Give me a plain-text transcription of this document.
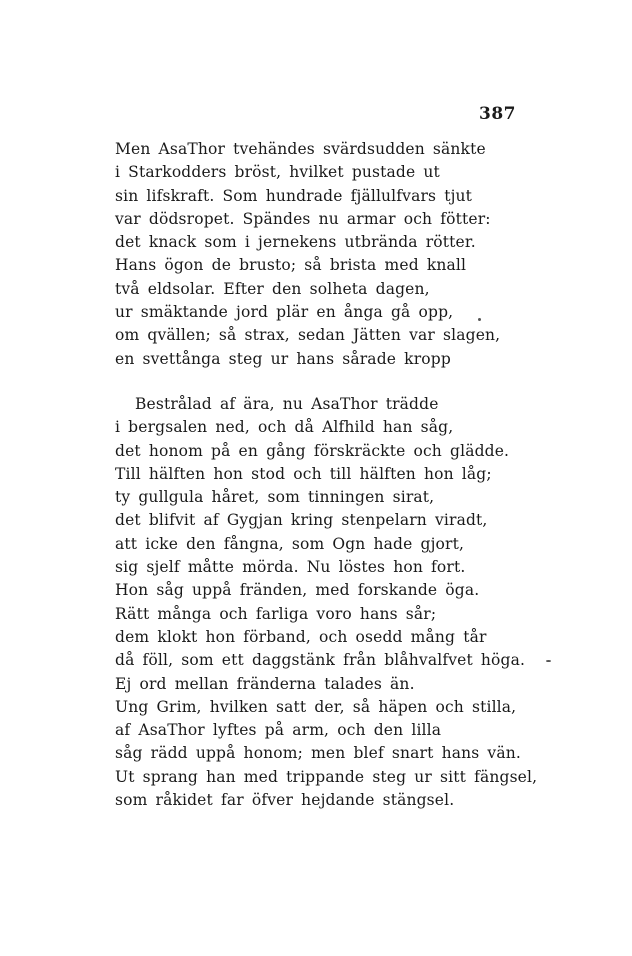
387
Men AsaThor tvehändes svärdsudden sänkte
i Starkodders bröst, hvilket pustade ut
sin lifskraft. Som hundrade fjällulfvars tjut
var dödsropet. Spändes nu armar och fötter:
det knack som i jernekens utbrända rötter.
Hans ögon de brusto; så brista med knall
två eldsolar. Efter den solheta dagen,
ur smäktande jord plär en ånga gå opp,
om qvällen; så strax, sedan Jätten var slagen,
en svettånga steg ur hans sårade kropp
Bestrålad af ära, nu AsaThor trädde
i bergsalen ned, och då Alfhild han såg,
det honom på en gång förskräckte och glädde.
Till hälften hon stod och till hälften hon låg;
ty gullgula håret, som tinningen sirat,
det blifvit af Gygjan kring stenpelarn viradt,
att icke den fångna, som Ogn hade gjort,
sig sjelf måtte mörda. Nu löstes hon fort.
Hon såg uppå fränden, med forskande öga.
Rätt många och farliga voro hans sår;
dem klokt hon förband, och osedd mång tår
då föll, som ett daggstänk från blåhvalfvet höga.
Ej ord mellan fränderna talades än.
Ung Grim, hvilken satt der, så häpen och stilla,
af AsaThor lyftes på arm, och den lilla
såg rädd uppå honom; men blef snart hans vän.
Ut sprang han med trippande steg ur sitt fängsel,
som råkidet far öfver hejdande stängsel.
